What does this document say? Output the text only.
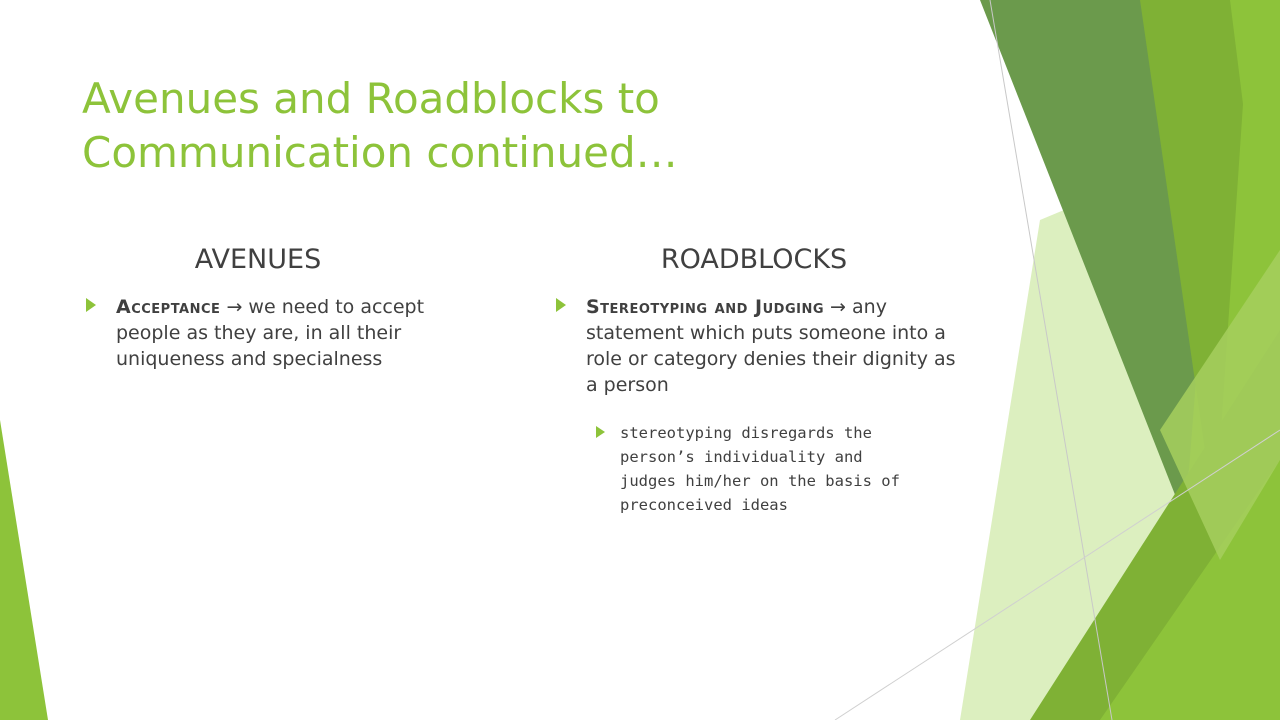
Avenues and Roadblocks to Communication continued…
AVENUES	ROADBLOCKS
Acceptance → we need to accept people as they are, in all their uniqueness and specialness
Stereotyping and Judging → any statement which puts someone into a role or category denies their dignity as a person
stereotyping disregards the person’s individuality and judges him/her on the basis of preconceived ideas
